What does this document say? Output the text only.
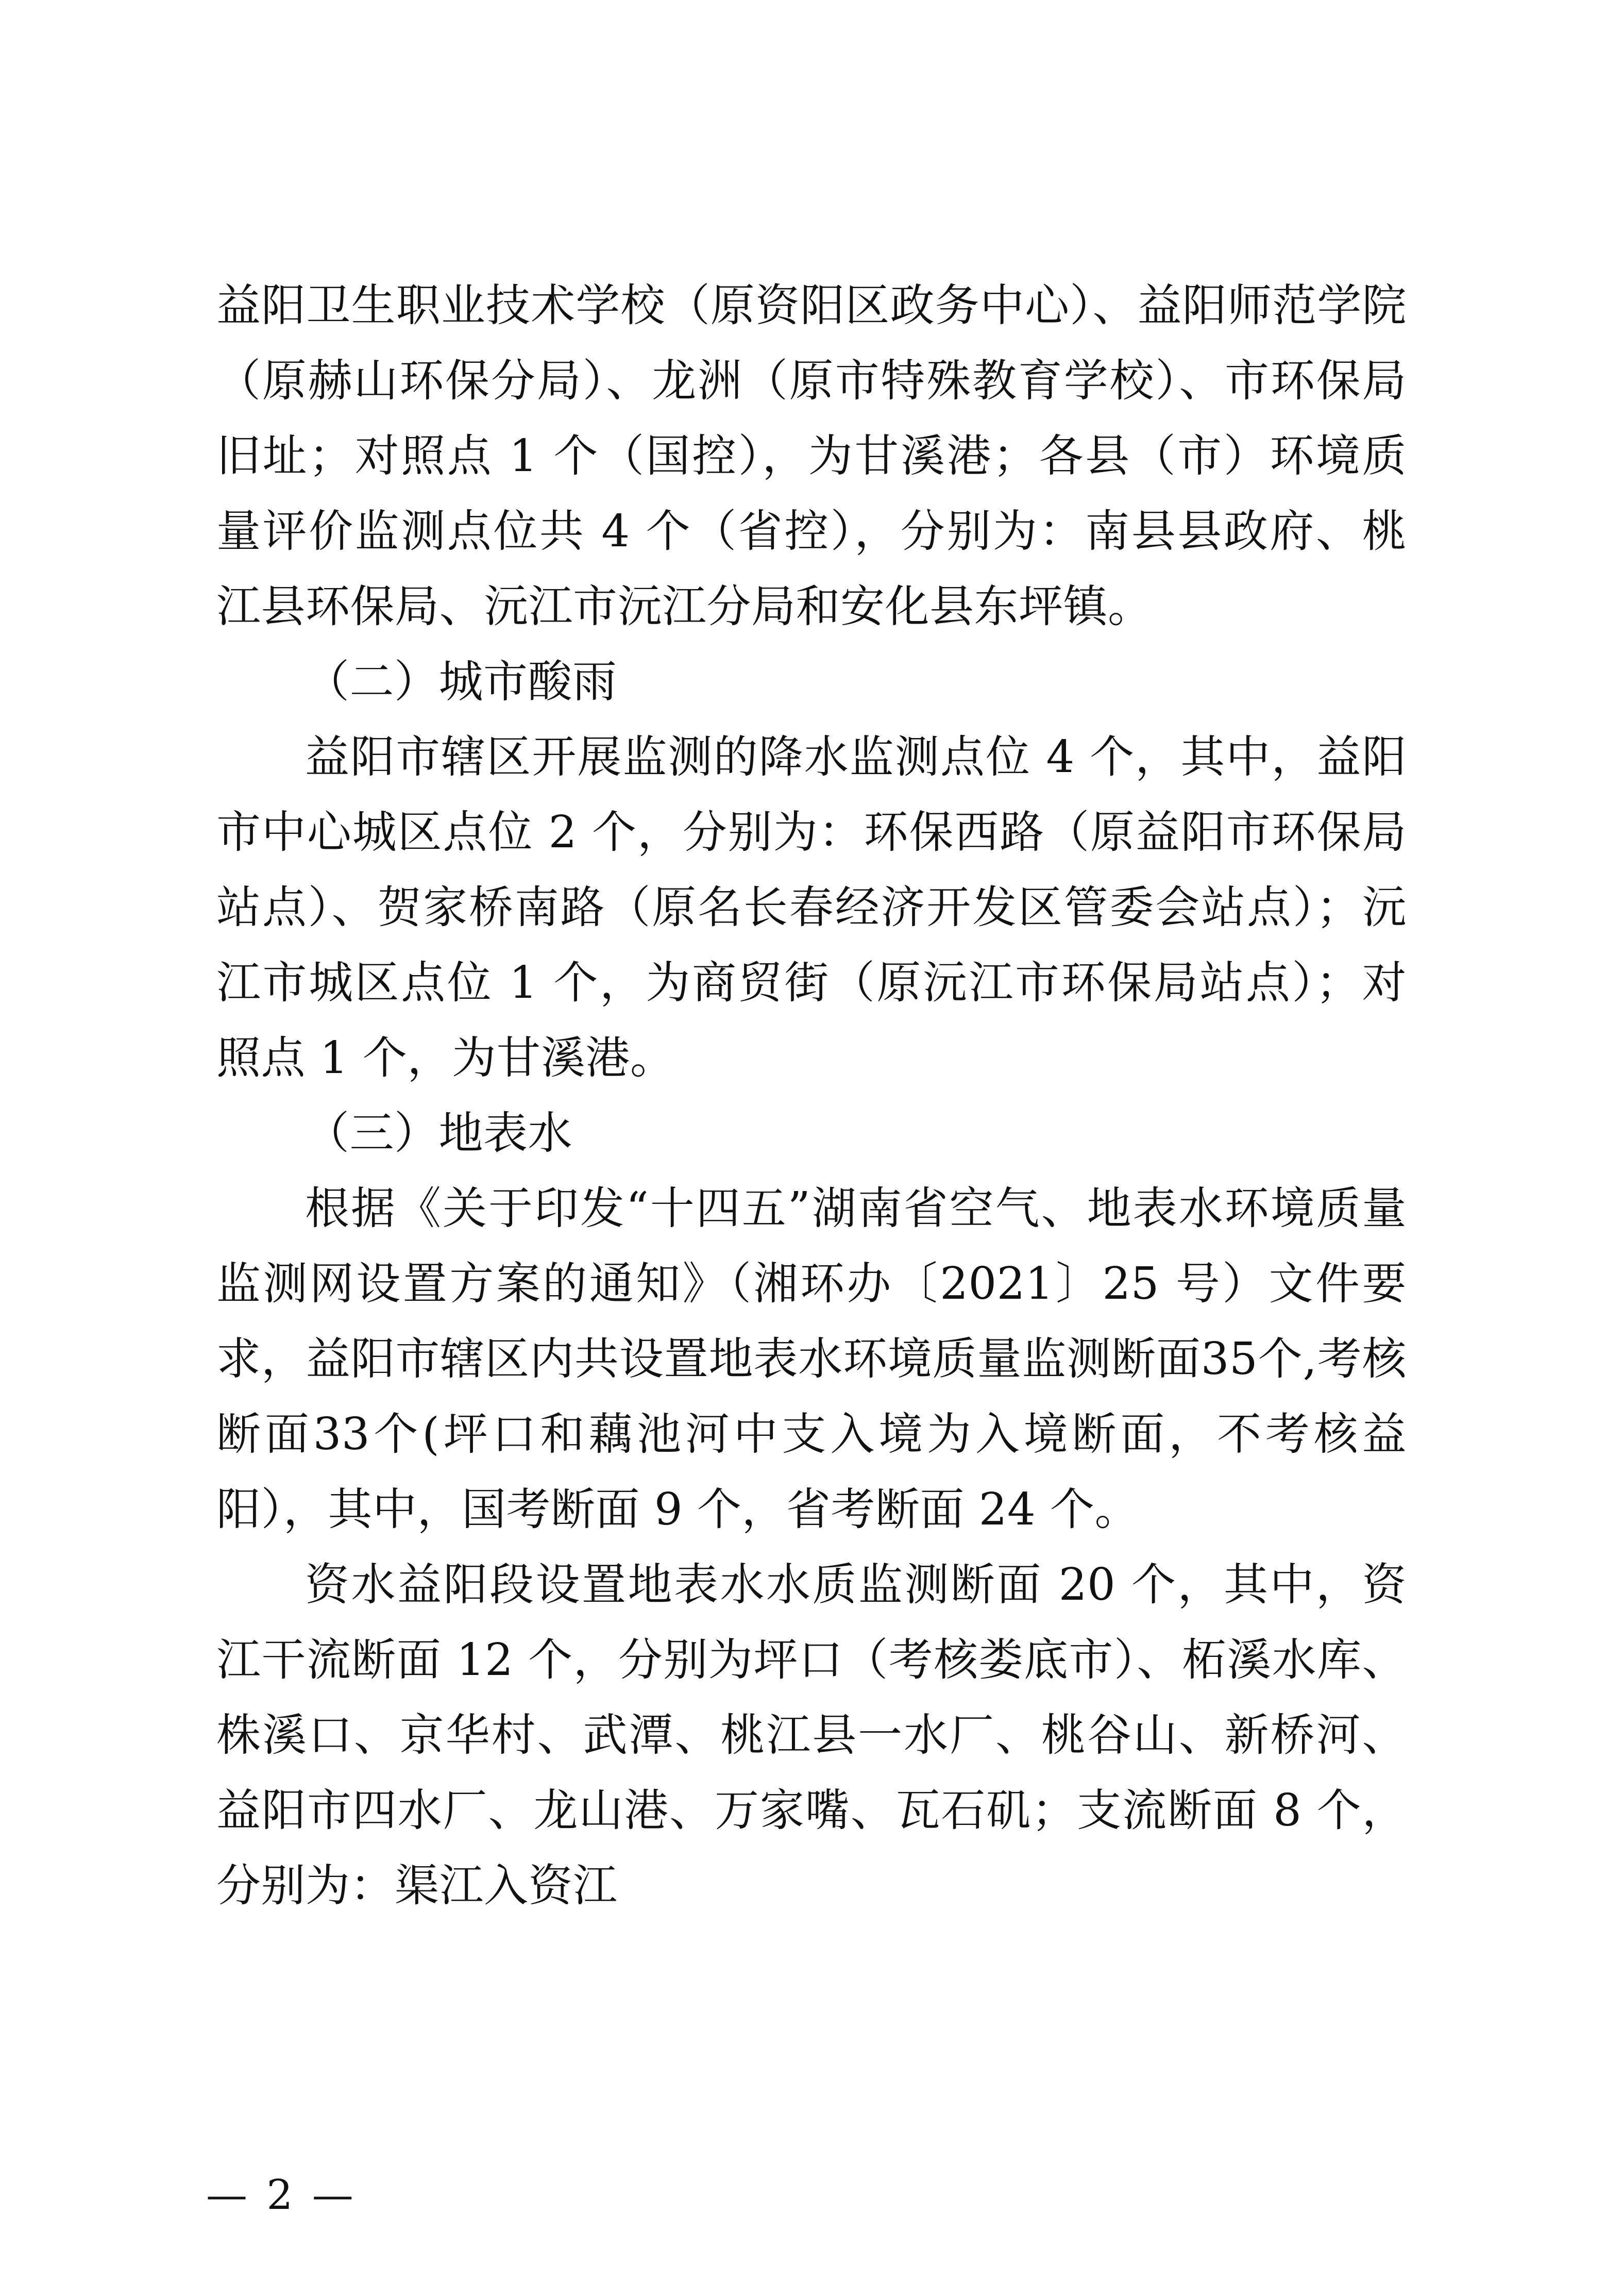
益阳卫生职业技术学校（原资阳区政务中心）、益阳师范学院（原赫山环保分局）、龙洲（原市特殊教育学校）、市环保局旧址；对照点 1 个（国控），为甘溪港；各县（市）环境质量评价监测点位共 4 个（省控），分别为：南县县政府、桃江县环保局、沅江市沅江分局和安化县东坪镇。

（二）城市酸雨

益阳市辖区开展监测的降水监测点位 4 个，其中，益阳市中心城区点位 2 个，分别为：环保西路（原益阳市环保局站点）、贺家桥南路（原名长春经济开发区管委会站点）；沅江市城区点位 1 个，为商贸街（原沅江市环保局站点）；对照点 1 个，为甘溪港。

（三）地表水

根据《关于印发“十四五”湖南省空气、地表水环境质量监测网设置方案的通知》（湘环办〔2021〕25 号）文件要求，益阳市辖区内共设置地表水环境质量监测断面35个,考核断面33个(坪口和藕池河中支入境为入境断面，不考核益阳），其中，国考断面 9 个，省考断面 24 个。

资水益阳段设置地表水水质监测断面 20 个，其中，资江干流断面 12 个，分别为坪口（考核娄底市）、柘溪水库、株溪口、京华村、武潭、桃江县一水厂、桃谷山、新桥河、益阳市四水厂、龙山港、万家嘴、瓦石矶；支流断面 8 个，分别为：渠江入资江

— 2 —
